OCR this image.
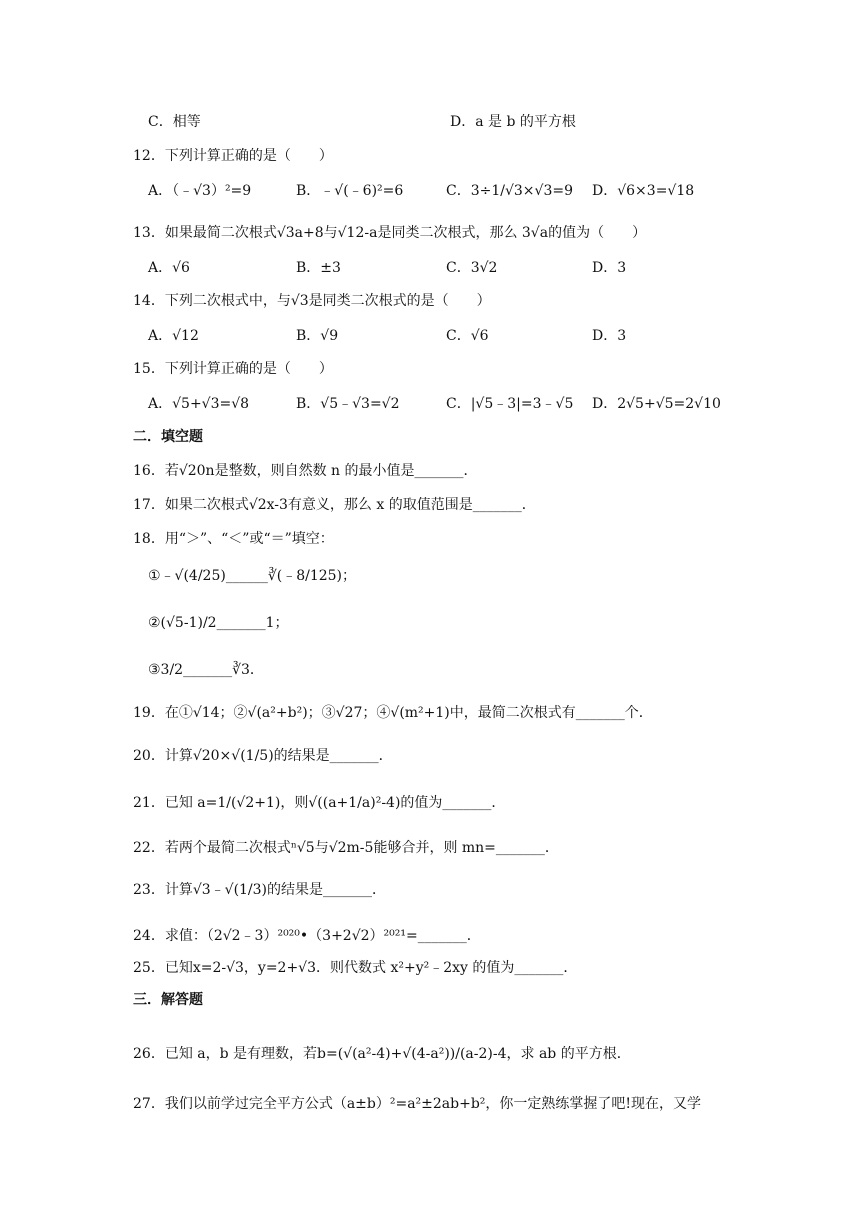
二．填空题
三．解答题
C．相等	D．a 是 b 的平方根
12．下列计算正确的是（　　）
A．（﹣√3）²=9	B．﹣√(﹣6)²=6	C．3÷1/√3×√3=9 D．√6×3=√18
13．如果最简二次根式√3a+8与√12-a是同类二次根式，那么 3√a的值为（　　）
A．√6	B．±3	C．3√2	D．3
14．下列二次根式中，与√3是同类二次根式的是（　　）
A．√12	B．√9	C．√6	D．3
15．下列计算正确的是（　　）
A．√5+√3=√8	B．√5﹣√3=√2	C．|√5﹣3|=3﹣√5 D．2√5+√5=2√10
16．若√20n是整数，则自然数 n 的最小值是_______．
17．如果二次根式√2x-3有意义，那么 x 的取值范围是_______．
18．用“＞”、“＜”或“＝”填空：
①﹣√(4/25)______∛(﹣8/125)；
②(√5-1)/2_______1；
③3/2_______∛3．
19．在①√14；②√(a²+b²)；③√27；④√(m²+1)中，最简二次根式有_______个．
20．计算√20×√(1/5)的结果是_______．
21．已知 a=1/(√2+1)，则√((a+1/a)²-4)的值为_______．
22．若两个最简二次根式ⁿ√5与√2m-5能够合并，则 mn=_______．
23．计算√3﹣√(1/3)的结果是_______．
24．求值：（2√2﹣3）²⁰²⁰•（3+2√2）²⁰²¹=_______．
25．已知x=2-√3，y=2+√3．则代数式 x²+y²﹣2xy 的值为_______．
26．已知 a，b 是有理数，若b=(√(a²-4)+√(4-a²))/(a-2)-4，求 ab 的平方根．
27．我们以前学过完全平方公式（a±b）²=a²±2ab+b²，你一定熟练掌握了吧!现在，又学
